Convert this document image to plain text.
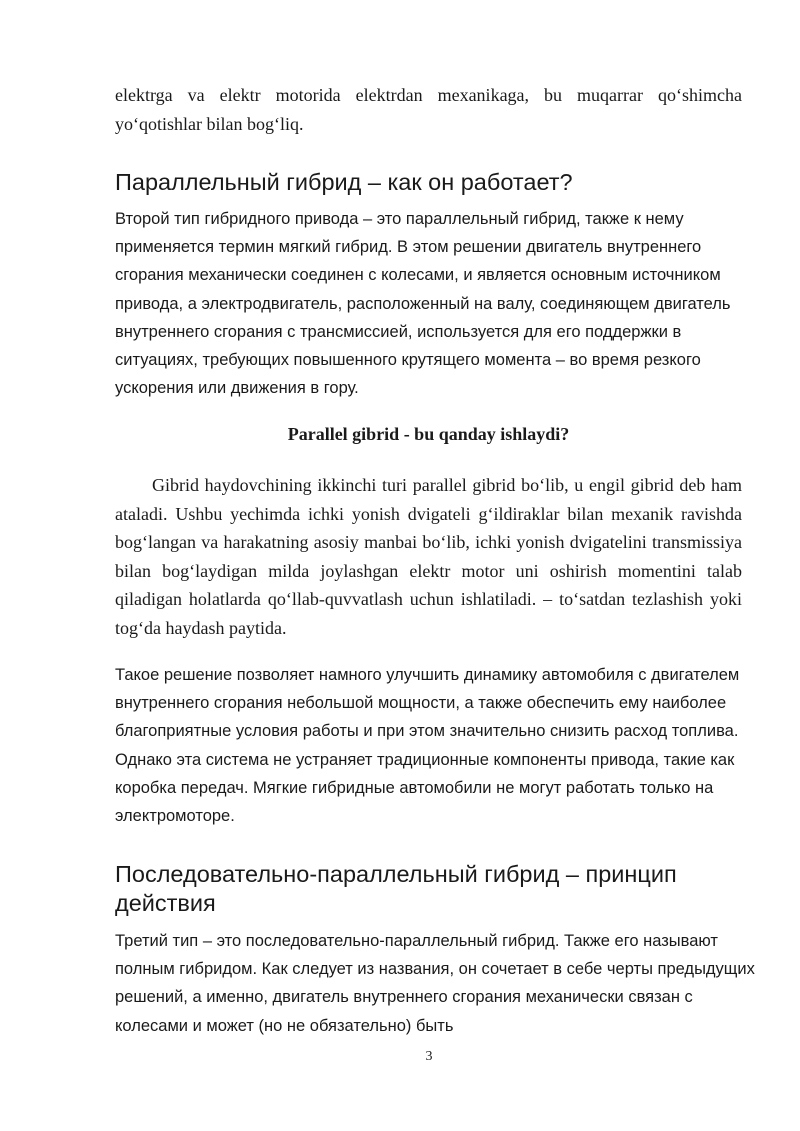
elektrga va elektr motorida elektrdan mexanikaga, bu muqarrar qo‘shimcha yo‘qotishlar bilan bog‘liq.

Параллельный гибрид – как он работает?

Второй тип гибридного привода – это параллельный гибрид, также к нему применяется термин мягкий гибрид. В этом решении двигатель внутреннего сгорания механически соединен с колесами, и является основным источником привода, а электродвигатель, расположенный на валу, соединяющем двигатель внутреннего сгорания с трансмиссией, используется для его поддержки в ситуациях, требующих повышенного крутящего момента – во время резкого ускорения или движения в гору.

Parallel gibrid - bu qanday ishlaydi?

Gibrid haydovchining ikkinchi turi parallel gibrid bo‘lib, u engil gibrid deb ham ataladi. Ushbu yechimda ichki yonish dvigateli g‘ildiraklar bilan mexanik ravishda bog‘langan va harakatning asosiy manbai bo‘lib, ichki yonish dvigatelini transmissiya bilan bog‘laydigan milda joylashgan elektr motor uni oshirish momentini talab qiladigan holatlarda qo‘llab-quvvatlash uchun ishlatiladi. – to‘satdan tezlashish yoki tog‘da haydash paytida.

Такое решение позволяет намного улучшить динамику автомобиля с двигателем внутреннего сгорания небольшой мощности, а также обеспечить ему наиболее благоприятные условия работы и при этом значительно снизить расход топлива. Однако эта система не устраняет традиционные компоненты привода, такие как коробка передач. Мягкие гибридные автомобили не могут работать только на электромоторе.

Последовательно-параллельный гибрид – принцип действия

Третий тип – это последовательно-параллельный гибрид. Также его называют полным гибридом. Как следует из названия, он сочетает в себе черты предыдущих решений, а именно, двигатель внутреннего сгорания механически связан с колесами и может (но не обязательно) быть

3
